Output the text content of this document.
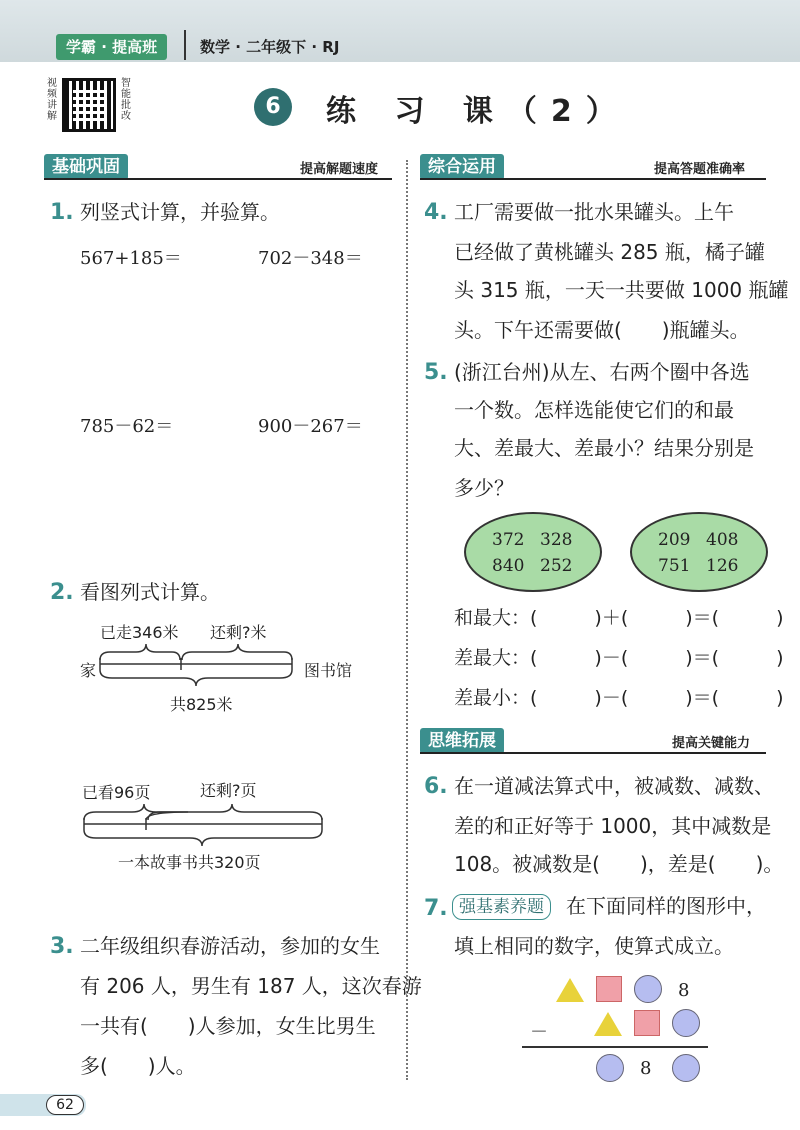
学霸 · 提高班	数学 · 二年级下 · RJ
视频讲解
智能批改	6	练 习 课（2）
基础巩固	提高解题速度
1. 列竖式计算，并验算。
567+185＝	702－348＝
785－62＝	900－267＝
2. 看图列式计算。
已走346米 还剩?米
家	图书馆
共825米
已看96页	还剩?页
一本故事书共320页
3. 二年级组织春游活动，参加的女生
有 206 人，男生有 187 人，这次春游
一共有(　　)人参加，女生比男生
多(　　)人。
综合运用	提高答题准确率
4. 工厂需要做一批水果罐头。上午
已经做了黄桃罐头 285 瓶，橘子罐
头 315 瓶，一天一共要做 1000 瓶罐
头。下午还需要做(　　)瓶罐头。
5. (浙江台州)从左、右两个圈中各选
一个数。怎样选能使它们的和最
大、差最大、差最小？结果分别是
多少？
372 328
840 252
209 408
751 126
和最大：(　　　)＋(　　　)＝(　　　)
差最大：(　　　)－(　　　)＝(　　　)
差最小：(　　　)－(　　　)＝(　　　)
思维拓展	提高关键能力
6. 在一道减法算式中，被减数、减数、
差的和正好等于 1000，其中减数是
108。被减数是(　　)，差是(　　)。
7. 强基素养题	在下面同样的图形中，
填上相同的数字，使算式成立。
8
－
8
62
